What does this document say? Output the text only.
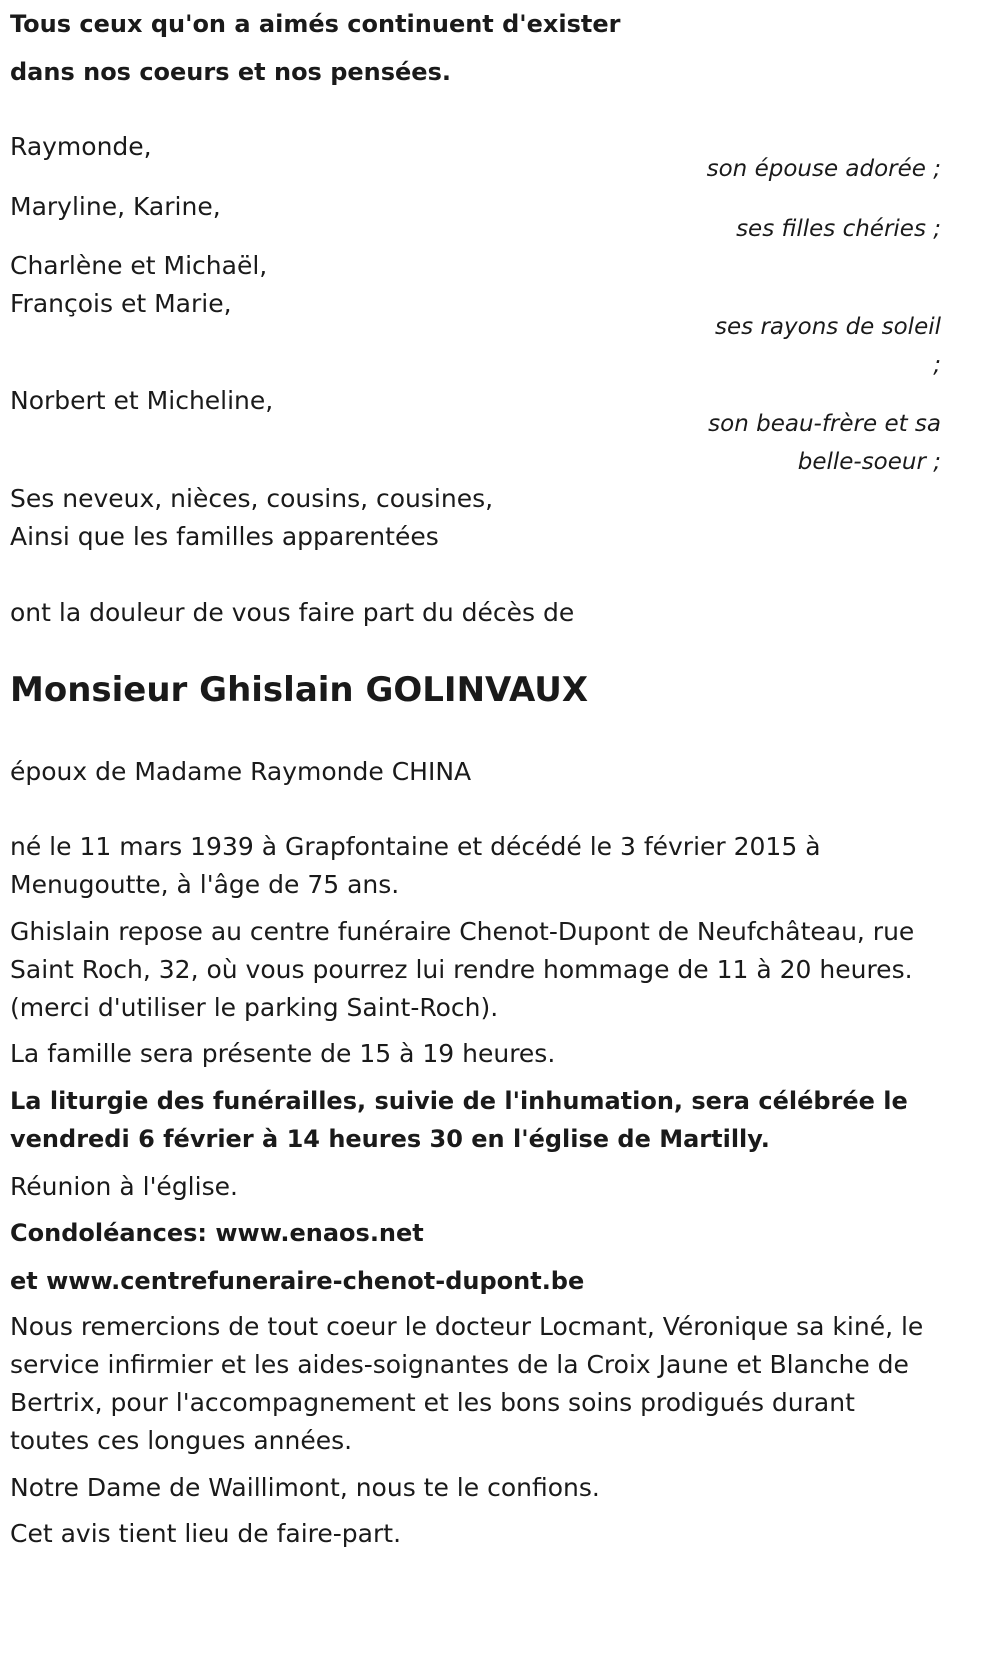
Tous ceux qu'on a aimés continuent d'exister
dans nos coeurs et nos pensées.
Raymonde,
son épouse adorée ;
Maryline, Karine,
ses filles chéries ;
Charlène et Michaël,
François et Marie,
ses rayons de soleil
;
Norbert et Micheline,
son beau-frère et sa
belle-soeur ;
Ses neveux, nièces, cousins, cousines,
Ainsi que les familles apparentées
ont la douleur de vous faire part du décès de
Monsieur Ghislain GOLINVAUX
époux de Madame Raymonde CHINA
né le 11 mars 1939 à Grapfontaine et décédé le 3 février 2015 à
Menugoutte, à l'âge de 75 ans.
Ghislain repose au centre funéraire Chenot-Dupont de Neufchâteau, rue
Saint Roch, 32, où vous pourrez lui rendre hommage de 11 à 20 heures.
(merci d'utiliser le parking Saint-Roch).
La famille sera présente de 15 à 19 heures.
La liturgie des funérailles, suivie de l'inhumation, sera célébrée le
vendredi 6 février à 14 heures 30 en l'église de Martilly.
Réunion à l'église.
Condoléances: www.enaos.net
et www.centrefuneraire-chenot-dupont.be
Nous remercions de tout coeur le docteur Locmant, Véronique sa kiné, le
service infirmier et les aides-soignantes de la Croix Jaune et Blanche de
Bertrix, pour l'accompagnement et les bons soins prodigués durant
toutes ces longues années.
Notre Dame de Waillimont, nous te le confions.
Cet avis tient lieu de faire-part.
